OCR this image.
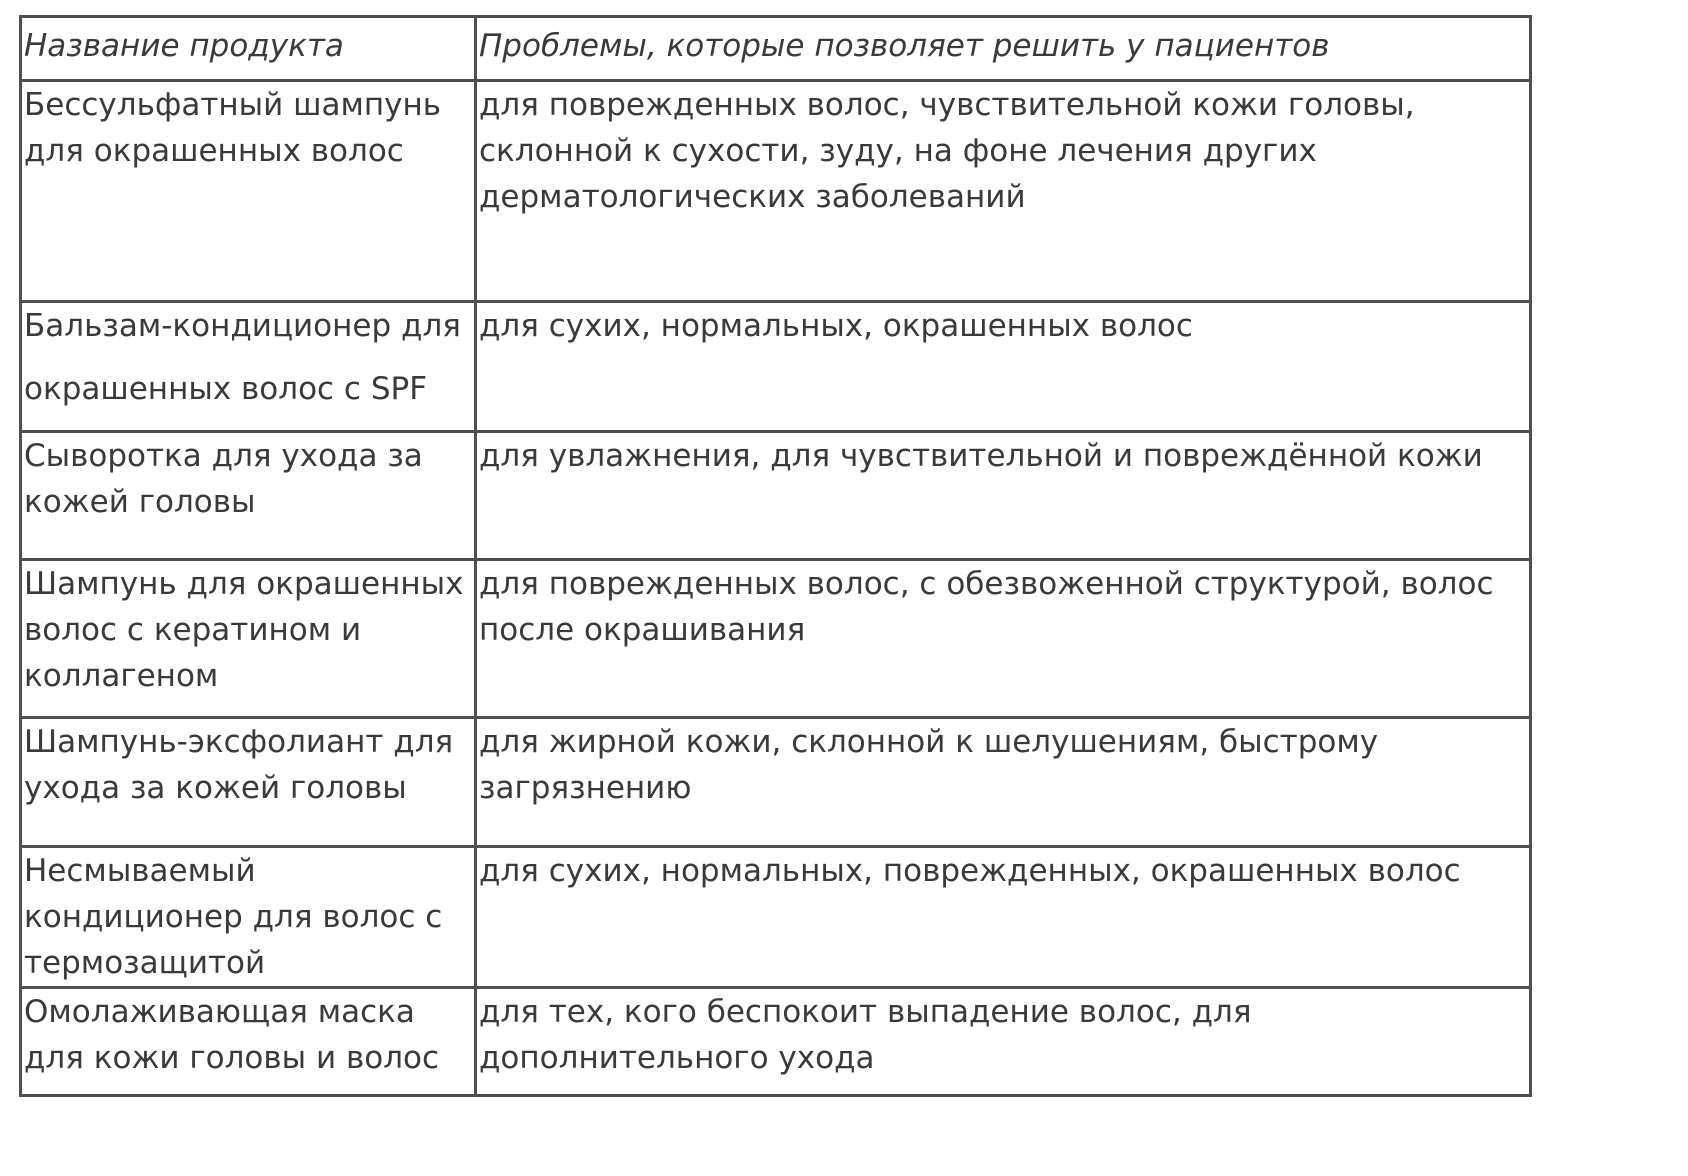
Название продукта	Проблемы, которые позволяет решить у пациентов

Бессульфатный шампунь для окрашенных волос	для поврежденных волос, чувствительной кожи головы, склонной к сухости, зуду, на фоне лечения других дерматологических заболеваний

Бальзам-кондиционер для окрашенных волос с SPF	для сухих, нормальных, окрашенных волос

Сыворотка для ухода за кожей головы	для увлажнения, для чувствительной и повреждённой кожи

Шампунь для окрашенных волос с кератином и коллагеном	для поврежденных волос, с обезвоженной структурой, волос после окрашивания

Шампунь-эксфолиант для ухода за кожей головы	для жирной кожи, склонной к шелушениям, быстрому загрязнению

Несмываемый кондиционер для волос с термозащитой	для сухих, нормальных, поврежденных, окрашенных волос

Омолаживающая маска для кожи головы и волос	для тех, кого беспокоит выпадение волос, для дополнительного ухода
